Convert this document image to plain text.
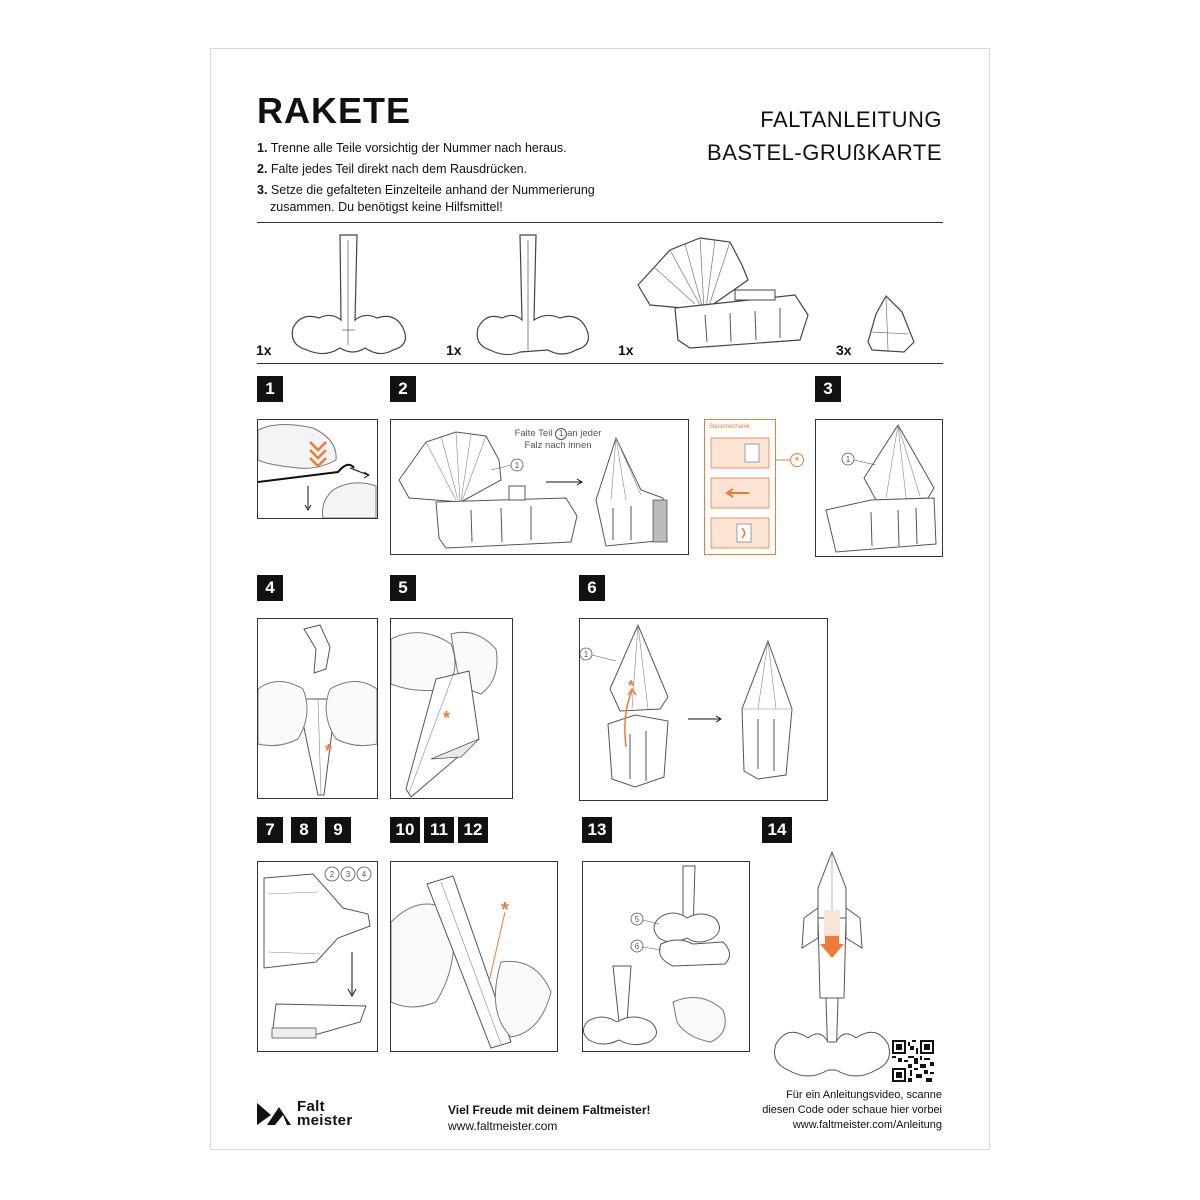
RAKETE	FALTANLEITUNG
BASTEL-GRUßKARTE
1. Trenne alle Teile vorsichtig der Nummer nach heraus.
2. Falte jedes Teil direkt nach dem Rausdrücken.
3. Setze die gefalteten Einzelteile anhand der Nummerierung
zusammen. Du benötigst keine Hilfsmittel!
1x	1x	1x	3x
1	2	3
4	5	6
7	8	9	10 11 12	13	14
Falte Teil 1 an jeder
Falz nach innen
1
Steckmechanik
*	1
*
*
*
1
2 3 4
*	5
6
Falt
meister
Viel Freude mit deinem Faltmeister!
www.faltmeister.com
Für ein Anleitungsvideo, scanne
diesen Code oder schaue hier vorbei
www.faltmeister.com/Anleitung
